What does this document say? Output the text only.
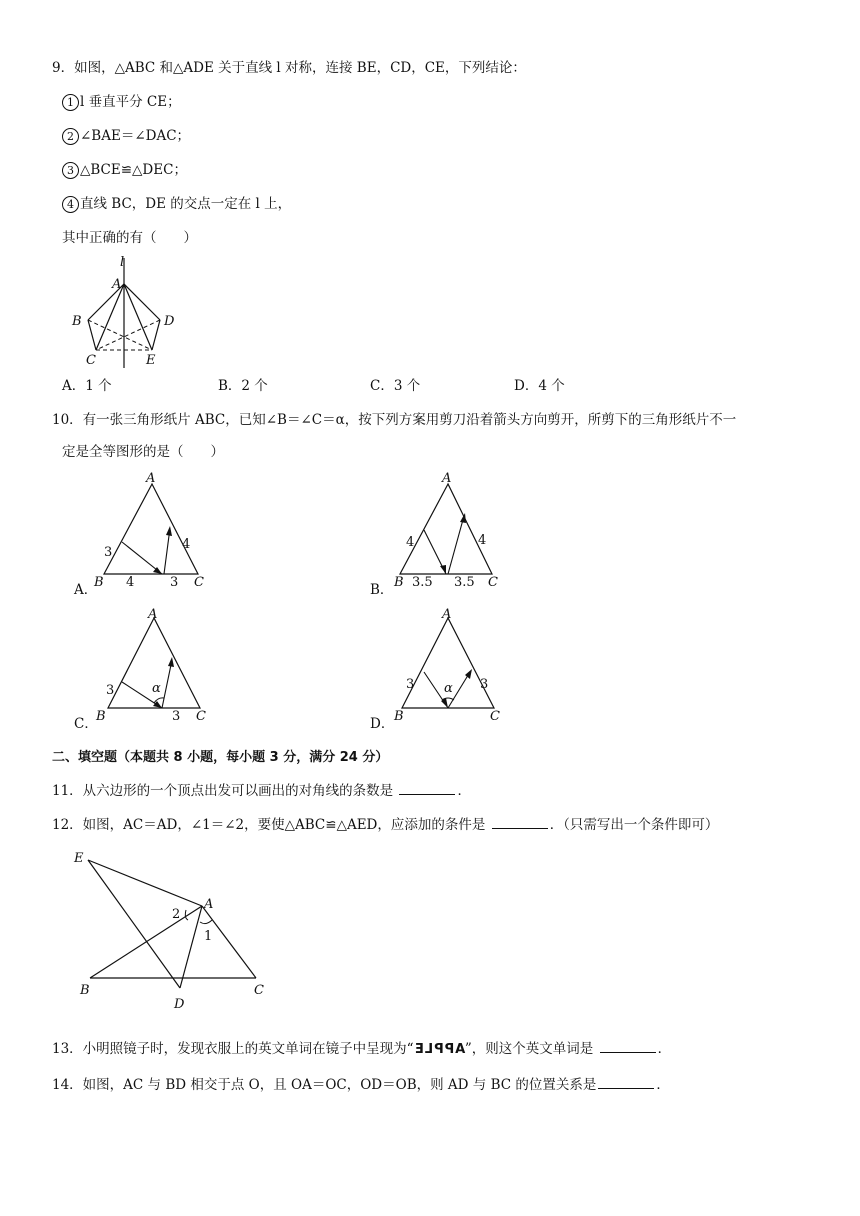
9．如图，△ABC 和△ADE 关于直线 l 对称，连接 BE，CD，CE，下列结论：
1 l 垂直平分 CE；
2 ∠BAE＝∠DAC；
3 △BCE≌△DEC；
4 直线 BC，DE 的交点一定在 l 上，
其中正确的有（　　）
l
A
B	D
C	E
A．1 个	B．2 个	C．3 个	D．4 个
10．有一张三角形纸片 ABC，已知∠B＝∠C＝α，按下列方案用剪刀沿着箭头方向剪开，所剪下的三角形纸片不一
定是全等图形的是（　　）
A．
A
B	C
3
4	3
4
B．
A
B	C
4
3.5 3.5
4
C．
A
B	C
3	α
3	D．
A
B	C
3 α 3
二、填空题（本题共 8 小题，每小题 3 分，满分 24 分）
11．从六边形的一个顶点出发可以画出的对角线的条数是	．
12．如图，AC＝AD，∠1＝∠2，要使△ABC≌△AED，应添加的条件是	．（只需写出一个条件即可）
E
A
B	C
D
1
2
13．小明照镜子时，发现衣服上的英文单词在镜子中呈现为“APPLE”，则这个英文单词是	．
14．如图，AC 与 BD 相交于点 O，且 OA＝OC，OD＝OB，则 AD 与 BC 的位置关系是	．
